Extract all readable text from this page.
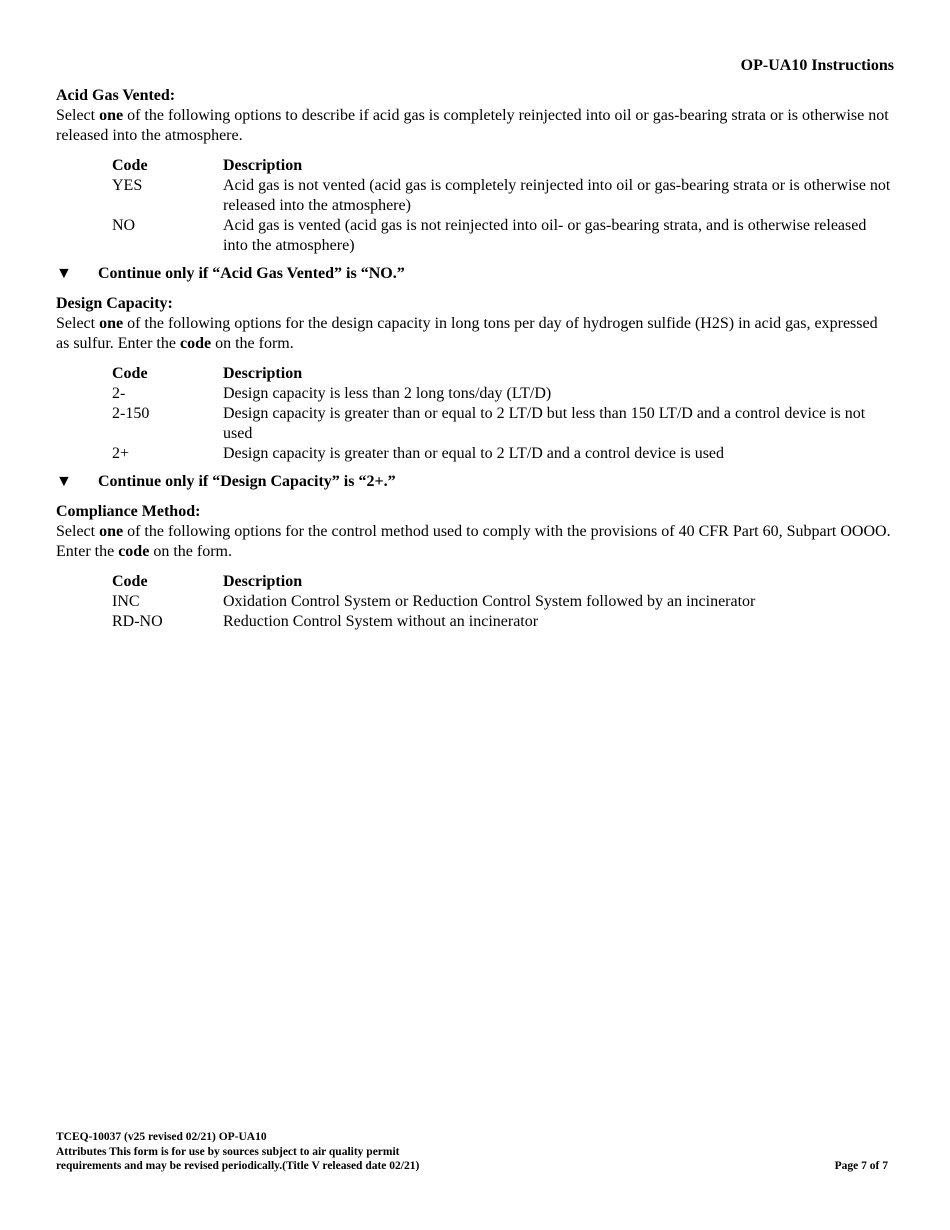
OP-UA10 Instructions

Acid Gas Vented:

Select one of the following options to describe if acid gas is completely reinjected into oil or gas-bearing strata or is otherwise not released into the atmosphere.

Code	Description
YES	Acid gas is not vented (acid gas is completely reinjected into oil or gas-bearing strata or is otherwise not released into the atmosphere)
NO	Acid gas is vented (acid gas is not reinjected into oil- or gas-bearing strata, and is otherwise released into the atmosphere)
▼	Continue only if “Acid Gas Vented” is “NO.”

Design Capacity:

Select one of the following options for the design capacity in long tons per day of hydrogen sulfide (H2S) in acid gas, expressed as sulfur. Enter the code on the form.

Code	Description
2-	Design capacity is less than 2 long tons/day (LT/D)
2-150	Design capacity is greater than or equal to 2 LT/D but less than 150 LT/D and a control device is not used
2+	Design capacity is greater than or equal to 2 LT/D and a control device is used
▼	Continue only if “Design Capacity” is “2+.”

Compliance Method:

Select one of the following options for the control method used to comply with the provisions of 40 CFR Part 60, Subpart OOOO. Enter the code on the form.

Code	Description
INC	Oxidation Control System or Reduction Control System followed by an incinerator
RD-NO	Reduction Control System without an incinerator
TCEQ-10037 (v25 revised 02/21) OP-UA10
Attributes This form is for use by sources subject to air quality permit
requirements and may be revised periodically.(Title V released date 02/21)	Page 7 of 7
